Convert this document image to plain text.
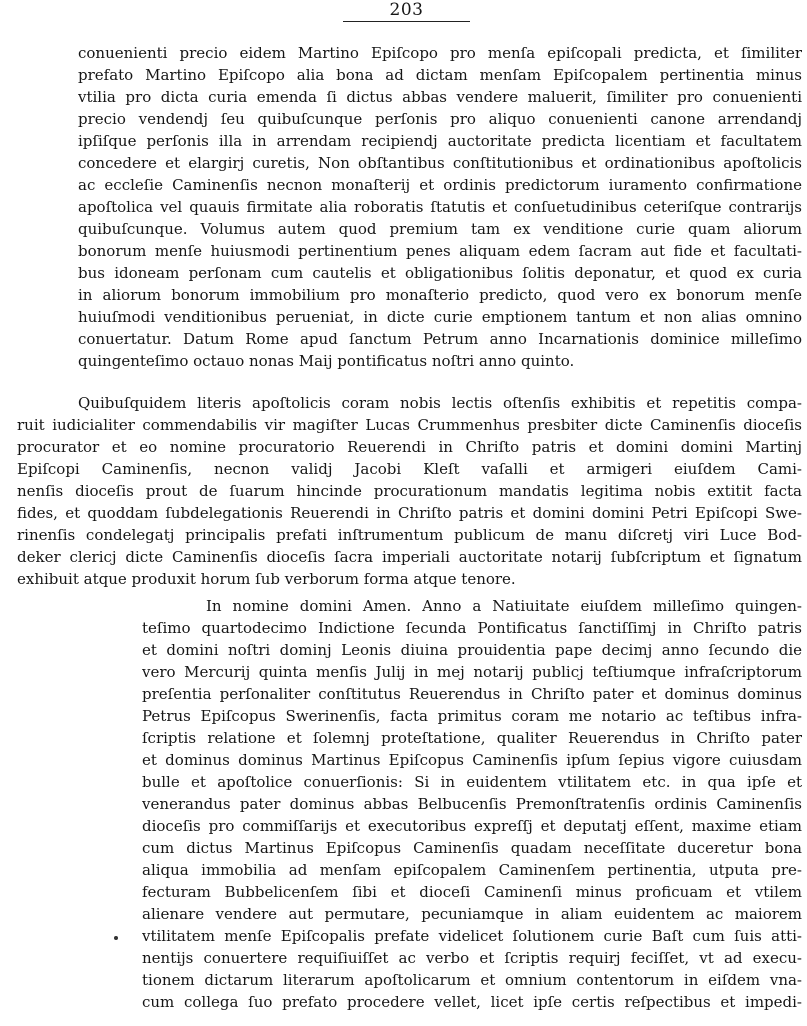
203
conuenienti precio eidem Martino Epiſcopo pro menſa epiſcopali predicta, et ſimiliter
prefato Martino Epiſcopo alia bona ad dictam menſam Epiſcopalem pertinentia minus
vtilia pro dicta curia emenda ſi dictus abbas vendere maluerit, ſimiliter pro conuenienti
precio vendendj ſeu quibuſcunque perſonis pro aliquo conuenienti canone arrendandj
ipſiſque perſonis illa in arrendam recipiendj auctoritate predicta licentiam et facultatem
concedere et elargirj curetis, Non obſtantibus conſtitutionibus et ordinationibus apoſtolicis
ac eccleſie Caminenſis necnon monaſterij et ordinis predictorum iuramento confirmatione
apoſtolica vel quauis firmitate alia roboratis ſtatutis et conſuetudinibus ceteriſque contrarijs
quibuſcunque. Volumus autem quod premium tam ex venditione curie quam aliorum
bonorum menſe huiusmodi pertinentium penes aliquam edem ſacram aut fide et facultati-
bus idoneam perſonam cum cautelis et obligationibus ſolitis deponatur, et quod ex curia
in aliorum bonorum immobilium pro monaſterio predicto, quod vero ex bonorum menſe
huiuſmodi venditionibus perueniat, in dicte curie emptionem tantum et non alias omnino
conuertatur. Datum Rome apud ſanctum Petrum anno Incarnationis dominice milleſimo
quingenteſimo octauo nonas Maij pontificatus noſtri anno quinto.
Quibuſquidem literis apoſtolicis coram nobis lectis oſtenſis exhibitis et repetitis compa-
ruit iudicialiter commendabilis vir magiſter Lucas Crummenhus presbiter dicte Caminenſis dioceſis
procurator et eo nomine procuratorio Reuerendi in Chriſto patris et domini domini Martinj
Epiſcopi Caminenſis, necnon validj Jacobi Kleſt vaſalli et armigeri eiuſdem Cami-
nenſis dioceſis prout de ſuarum hincinde procurationum mandatis legitima nobis extitit facta
fides, et quoddam ſubdelegationis Reuerendi in Chriſto patris et domini domini Petri Epiſcopi Swe-
rinenſis condelegatj principalis prefati inſtrumentum publicum de manu diſcretj viri Luce Bod-
deker clericj dicte Caminenſis dioceſis ſacra imperiali auctoritate notarij ſubſcriptum et ſignatum
exhibuit atque produxit horum ſub verborum forma atque tenore.
In nomine domini Amen. Anno a Natiuitate eiuſdem milleſimo quingen-
teſimo quartodecimo Indictione ſecunda Pontificatus ſanctiſſimj in Chriſto patris
et domini noſtri dominj Leonis diuina prouidentia pape decimj anno ſecundo die
vero Mercurij quinta menſis Julij in mej notarij publicj teſtiumque infraſcriptorum
preſentia perſonaliter conſtitutus Reuerendus in Chriſto pater et dominus dominus
Petrus Epiſcopus Swerinenſis, facta primitus coram me notario ac teſtibus infra-
ſcriptis relatione et ſolemnj proteſtatione, qualiter Reuerendus in Chriſto pater
et dominus dominus Martinus Epiſcopus Caminenſis ipſum ſepius vigore cuiusdam
bulle et apoſtolice conuerſionis: Si in euidentem vtilitatem etc. in qua ipſe et
venerandus pater dominus abbas Belbucenſis Premonſtratenſis ordinis Caminenſis
dioceſis pro commiſſarijs et executoribus expreſſj et deputatj eſſent, maxime etiam
cum dictus Martinus Epiſcopus Caminenſis quadam neceſſitate duceretur bona
aliqua immobilia ad menſam epiſcopalem Caminenſem pertinentia, utputa pre-
fecturam Bubbelicenſem ſibi et dioceſi Caminenſi minus proficuam et vtilem
alienare vendere aut permutare, pecuniamque in aliam euidentem ac maiorem
vtilitatem menſe Epiſcopalis prefate videlicet ſolutionem curie Baſt cum ſuis atti-
nentijs conuertere requiſiuiſſet ac verbo et ſcriptis requirj feciſſet, vt ad execu-
tionem dictarum literarum apoſtolicarum et omnium contentorum in eiſdem vna-
cum collega ſuo prefato procedere vellet, licet ipſe certis reſpectibus et impedi-
